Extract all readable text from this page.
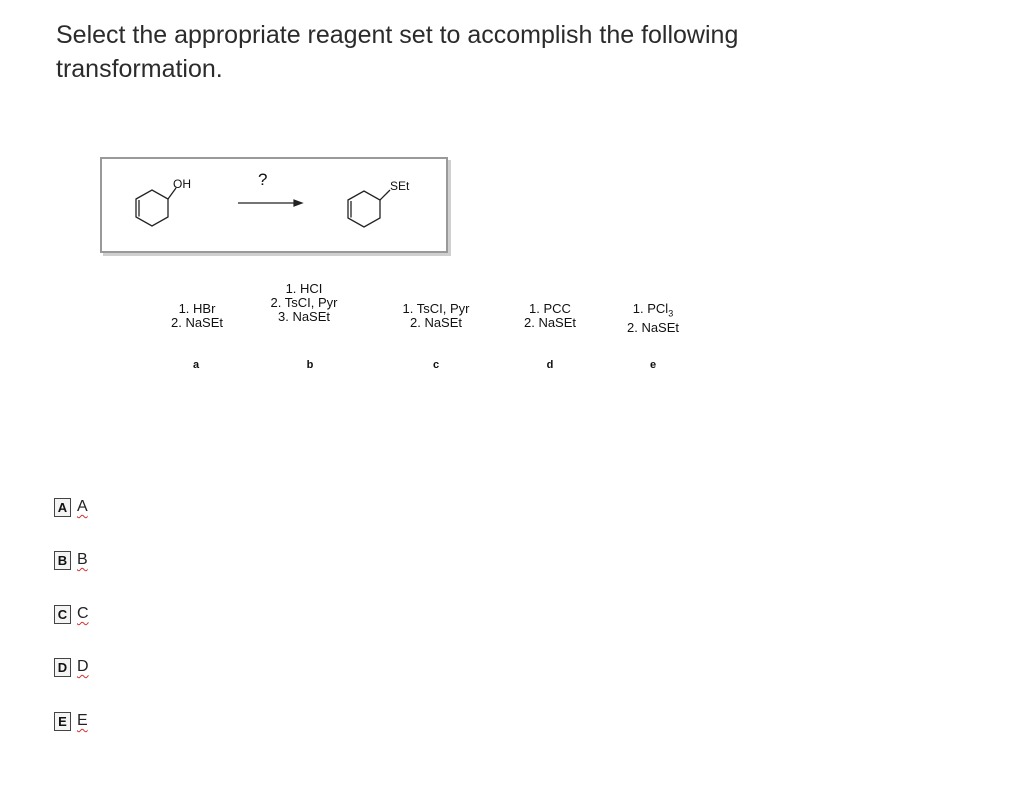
Select the appropriate reagent set to accomplish the following
transformation.
OH	?	SEt
1. HBr
2. NaSEt
1. HCI
2. TsCI, Pyr
3. NaSEt
1. TsCI, Pyr
2. NaSEt
1. PCC
2. NaSEt
1. PCl$_3$
2. NaSEt
a	b	c	d	e
A A
B B
C C
D D
E E
